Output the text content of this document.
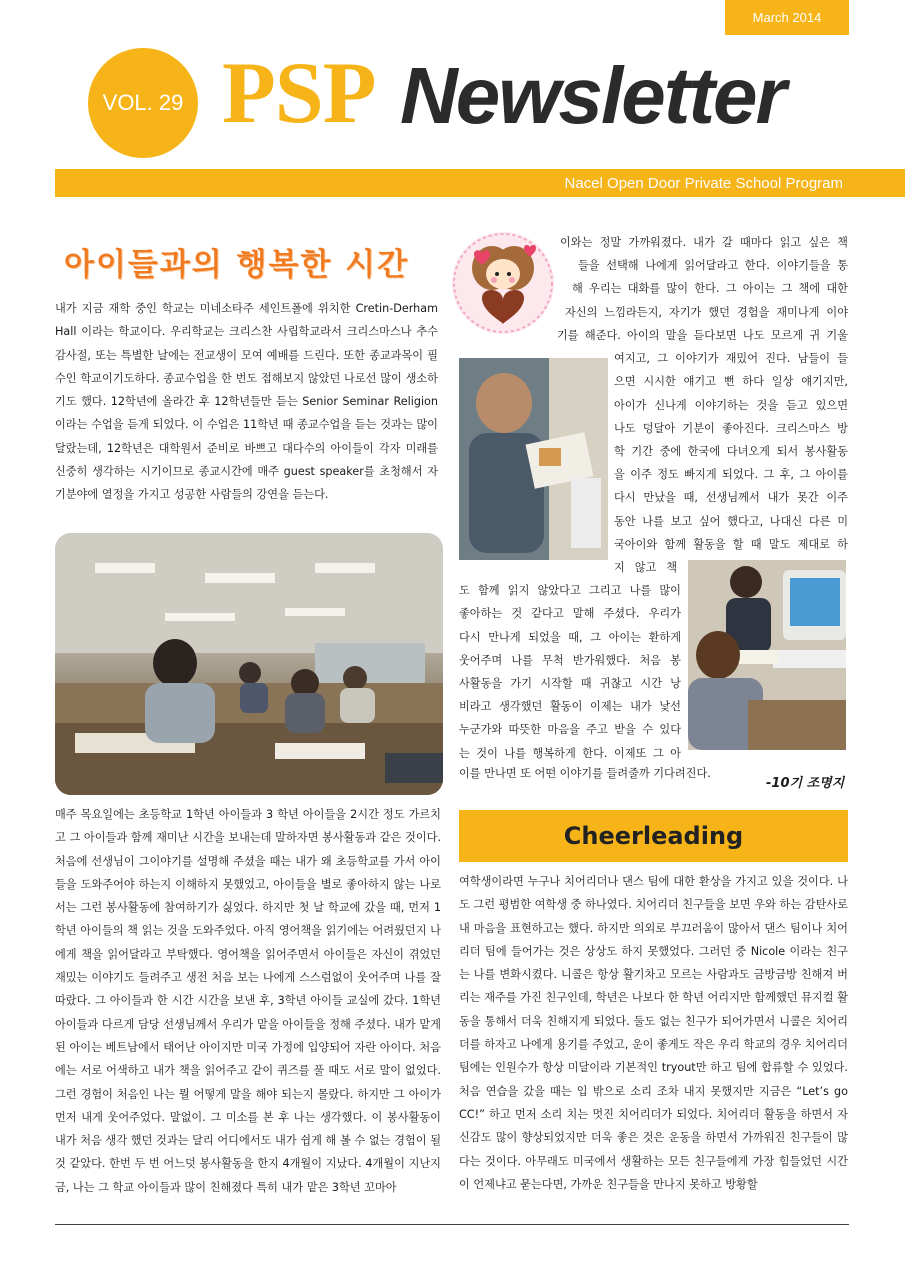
March 2014
VOL. 29 PSP Newsletter
Nacel Open Door Private School Program
아이들과의 행복한 시간

내가 지금 재학 중인 학교는 미네소타주 세인트폴에 위치한 Cretin-Derham Hall 이라는 학교이다. 우리학교는 크리스찬 사립학교라서 크리스마스나 추수감사절, 또는 특별한 날에는 전교생이 모여 예배를 드린다. 또한 종교과목이 필수인 학교이기도하다. 종교수업을 한 번도 접해보지 않았던 나로선 많이 생소하기도 했다. 12학년에 올라간 후 12학년들만 듣는 Senior Seminar Religion 이라는 수업을 듣게 되었다. 이 수업은 11학년 때 종교수업을 듣는 것과는 많이 달랐는데, 12학년은 대학원서 준비로 바쁘고 대다수의 아이들이 각자 미래를 신중히 생각하는 시기이므로 종교시간에 매주 guest speaker를 초청해서 자기분야에 열정을 가지고 성공한 사람들의 강연을 듣는다.

매주 목요일에는 초등학교 1학년 아이들과 3 학년 아이들을 2시간 정도 가르치고 그 아이들과 함께 재미난 시간을 보내는데 말하자면 봉사활동과 같은 것이다. 처음에 선생님이 그이야기를 설명해 주셨을 때는 내가 왜 초등학교를 가서 아이들을 도와주어야 하는지 이해하지 못했었고, 아이들을 별로 좋아하지 않는 나로서는 그런 봉사활동에 참여하기가 싫었다. 하지만 첫 날 학교에 갔을 때, 먼저 1학년 아이들의 책 읽는 것을 도와주었다. 아직 영어책을 읽기에는 어려웠던지 나에게 책을 읽어달라고 부탁했다. 영어책을 읽어주면서 아이들은 자신이 겪었던 재밌는 이야기도 들려주고 생전 처음 보는 나에게 스스럼없이 웃어주며 나를 잘 따랐다. 그 아이들과 한 시간 시간을 보낸 후, 3학년 아이들 교실에 갔다. 1학년 아이들과 다르게 담당 선생님께서 우리가 맡을 아이들을 정해 주셨다. 내가 맡게 된 아이는 베트남에서 태어난 아이지만 미국 가정에 입양되어 자란 아이다. 처음에는 서로 어색하고 내가 책을 읽어주고 같이 퀴즈를 풀 때도 서로 말이 없었다. 그런 경험이 처음인 나는 뭘 어떻게 말을 해야 되는지 몰랐다. 하지만 그 아이가 먼저 내게 웃어주었다. 말없이. 그 미소를 본 후 나는 생각했다. 이 봉사활동이 내가 처음 생각 했던 것과는 달리 어디에서도 내가 쉽게 해 볼 수 없는 경험이 될 것 같았다. 한번 두 번 어느덧 봉사활동을 한지 4개월이 지났다. 4개월이 지난지금, 나는 그 학교 아이들과 많이 친해졌다 특히 내가 맡은 3학년 꼬마아

이와는 정말 가까워졌다. 내가 갈 때마다 읽고 싶은 책
들을 선택해 나에게 읽어달라고 한다. 이야기들을 통
해 우리는 대화를 많이 한다. 그 아이는 그 책에 대한
자신의 느낌라든지, 자기가 했던 경험을 재미나게 이야
기를 해준다. 아이의 말을 듣다보면 나도 모르게 귀 기울
여지고, 그 이야기가 재밌어 진다. 남들이 들
으면 시시한 얘기고 뻔 하다 일상 얘기지만,
아이가 신나게 이야기하는 것을 듣고 있으면
나도 덩달아 기분이 좋아진다. 크리스마스 방
학 기간 중에 한국에 다녀오게 되서 봉사활동
을 이주 정도 빠지게 되었다. 그 후, 그 아이를
다시 만났을 때, 선생님께서 내가 못간 이주
동안 나를 보고 싶어 했다고, 나대신 다른 미
국아이와 함께 활동을 할 때 말도 제대로 하
지 않고 책
도 함께 읽지 않았다고 그리고 나를 많이
좋아하는 것 같다고 말해 주셨다. 우리가
다시 만나게 되었을 때, 그 아이는 환하게
웃어주며 나를 무척 반가워했다. 처음 봉
사활동을 가기 시작할 때 귀찮고 시간 낭
비라고 생각했던 활동이 이제는 내가 낯선
누군가와 따뜻한 마음을 주고 받을 수 있다
는 것이 나를 행복하게 한다. 이제또 그 아
이를 만나면 또 어떤 이야기를 들려줄까 기다려진다.
-10기 조명지
Cheerleading

여학생이라면 누구나 치어리더나 댄스 팀에 대한 환상을 가지고 있을 것이다. 나도 그런 평범한 여학생 중 하나였다. 치어리더 친구들을 보면 우와 하는 감탄사로 내 마음을 표현하고는 했다. 하지만 의외로 부끄러움이 많아서 댄스 팀이나 치어리더 팀에 들어가는 것은 상상도 하지 못했었다. 그러던 중 Nicole 이라는 친구는 나를 변화시켰다. 니콜은 항상 활기차고 모르는 사람과도 금방금방 친해져 버리는 재주를 가진 친구인데, 학년은 나보다 한 학년 어리지만 함께했던 뮤지컬 활동을 통해서 더욱 친해지게 되었다. 둘도 없는 친구가 되어가면서 니콜은 치어리더를 하자고 나에게 용기를 주었고, 운이 좋게도 작은 우리 학교의 경우 치어리더 팀에는 인원수가 항상 미달이라 기본적인 tryout만 하고 팀에 합류할 수 있었다. 처음 연습을 갔을 때는 입 밖으로 소리 조차 내지 못했지만 지금은 “Let’s go CC!” 하고 먼저 소리 치는 멋진 치어리더가 되었다. 치어리더 활동을 하면서 자신감도 많이 향상되었지만 더욱 좋은 것은 운동을 하면서 가까워진 친구들이 많다는 것이다. 아무래도 미국에서 생활하는 모든 친구들에게 가장 힘들었던 시간이 언제냐고 묻는다면, 가까운 친구들을 만나지 못하고 방황할
